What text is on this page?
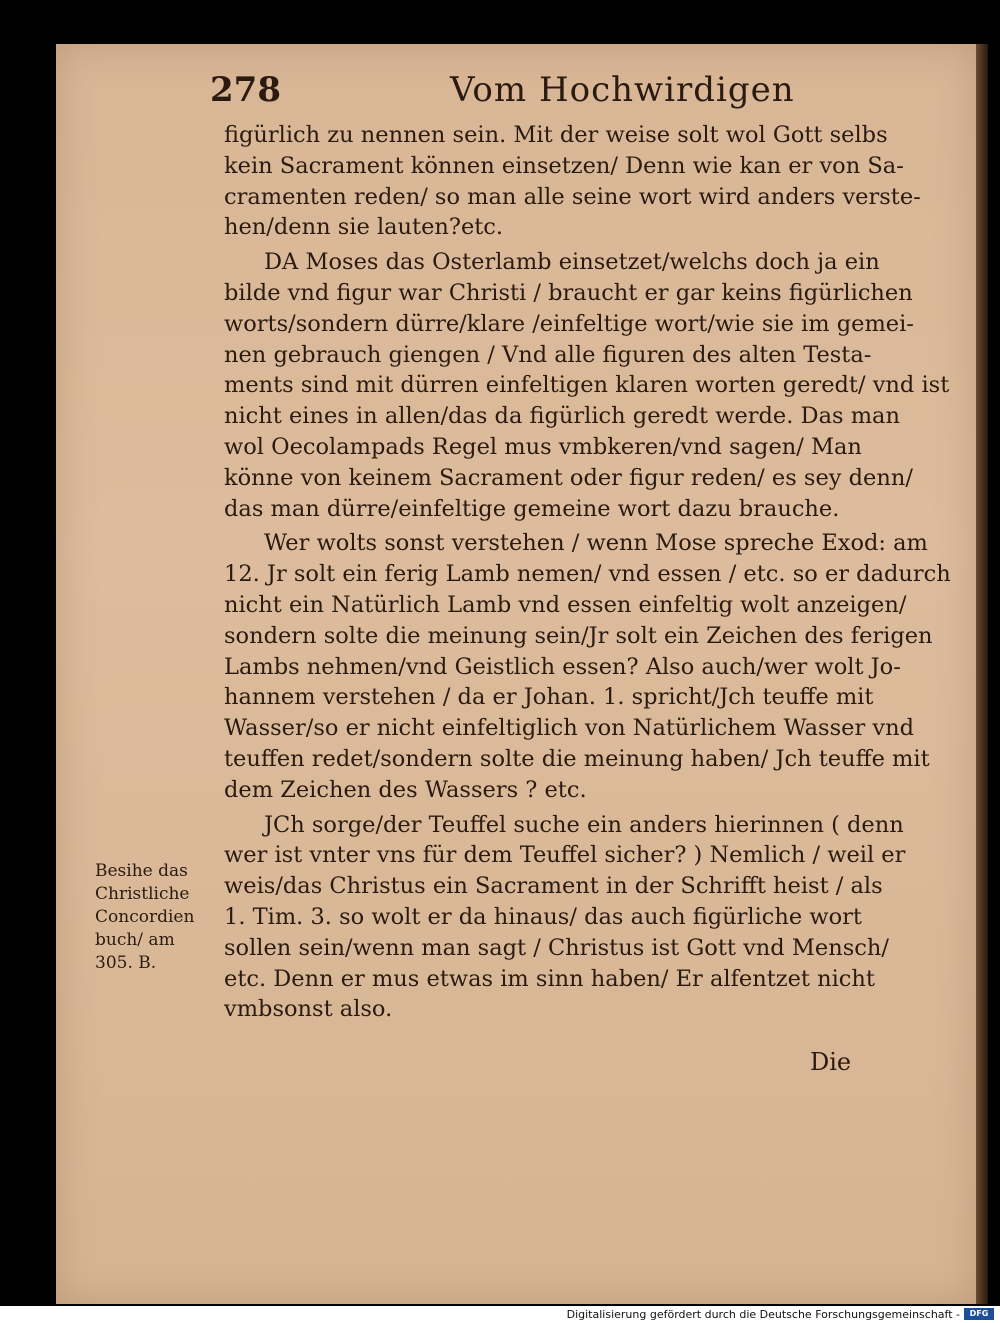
278	Vom Hochwirdigen

figürlich zu nennen sein. Mit der weise solt wol Gott selbs
kein Sacrament können einsetzen/ Denn wie kan er von Sa-
cramenten reden/ so man alle seine wort wird anders verste-
hen/denn sie lauten?etc.

DA Moses das Osterlamb einsetzet/welchs doch ja ein
bilde vnd figur war Christi / braucht er gar keins figürlichen
worts/sondern dürre/klare /einfeltige wort/wie sie im gemei-
nen gebrauch giengen / Vnd alle figuren des alten Testa-
ments sind mit dürren einfeltigen klaren worten geredt/ vnd ist
nicht eines in allen/das da figürlich geredt werde. Das man
wol Oecolampads Regel mus vmbkeren/vnd sagen/ Man
könne von keinem Sacrament oder figur reden/ es sey denn/
das man dürre/einfeltige gemeine wort dazu brauche.

Wer wolts sonst verstehen / wenn Mose spreche Exod: am
12. Jr solt ein ferig Lamb nemen/ vnd essen / etc. so er dadurch
nicht ein Natürlich Lamb vnd essen einfeltig wolt anzeigen/
sondern solte die meinung sein/Jr solt ein Zeichen des ferigen
Lambs nehmen/vnd Geistlich essen? Also auch/wer wolt Jo-
hannem verstehen / da er Johan. 1. spricht/Jch teuffe mit
Wasser/so er nicht einfeltiglich von Natürlichem Wasser vnd
teuffen redet/sondern solte die meinung haben/ Jch teuffe mit
dem Zeichen des Wassers ? etc.

JCh sorge/der Teuffel suche ein anders hierinnen ( denn
wer ist vnter vns für dem Teuffel sicher? ) Nemlich / weil er
weis/das Christus ein Sacrament in der Schrifft heist / als
1. Tim. 3. so wolt er da hinaus/ das auch figürliche wort
sollen sein/wenn man sagt / Christus ist Gott vnd Mensch/
etc. Denn er mus etwas im sinn haben/ Er alfentzet nicht
vmbsonst also.

Besihe das
Christliche
Concordien
buch/ am
305. B.
Die
Digitalisierung gefördert durch die Deutsche Forschungsgemeinschaft -	DFG
